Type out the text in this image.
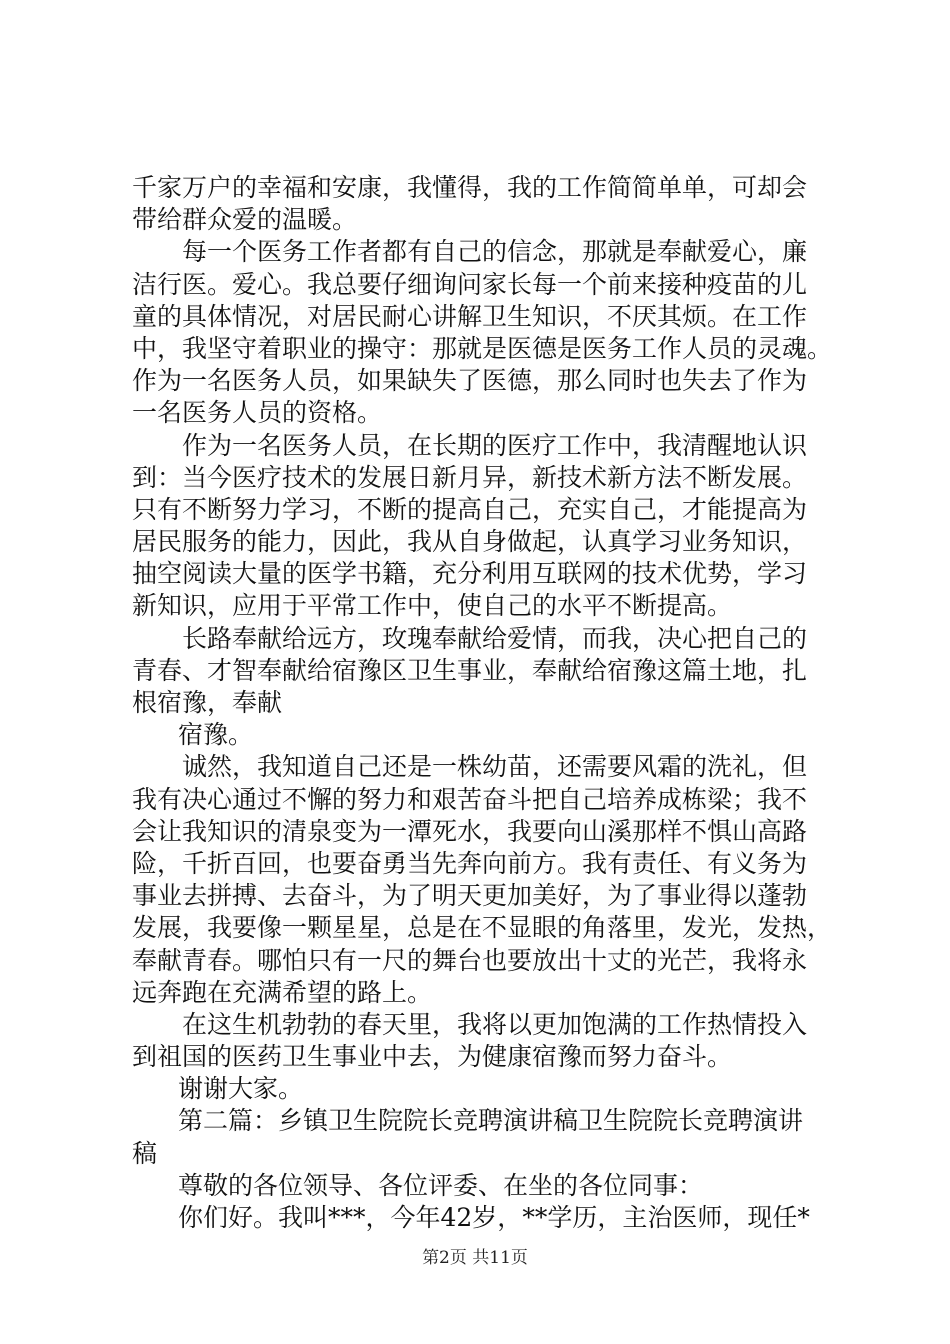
千家万户的幸福和安康，我懂得，我的工作简简单单，可却会
带给群众爱的温暖。
每一个医务工作者都有自己的信念，那就是奉献爱心，廉
洁行医。爱心。我总要仔细询问家长每一个前来接种疫苗的儿
童的具体情况，对居民耐心讲解卫生知识，不厌其烦。在工作
中，我坚守着职业的操守：那就是医德是医务工作人员的灵魂。
作为一名医务人员，如果缺失了医德，那么同时也失去了作为
一名医务人员的资格。
作为一名医务人员，在长期的医疗工作中，我清醒地认识
到：当今医疗技术的发展日新月异，新技术新方法不断发展。
只有不断努力学习，不断的提高自己，充实自己，才能提高为
居民服务的能力，因此，我从自身做起，认真学习业务知识，
抽空阅读大量的医学书籍，充分利用互联网的技术优势，学习
新知识，应用于平常工作中，使自己的水平不断提高。
长路奉献给远方，玫瑰奉献给爱情，而我，决心把自己的
青春、才智奉献给宿豫区卫生事业，奉献给宿豫这篇土地，扎
根宿豫，奉献
宿豫。
诚然，我知道自己还是一株幼苗，还需要风霜的洗礼，但
我有决心通过不懈的努力和艰苦奋斗把自己培养成栋梁；我不
会让我知识的清泉变为一潭死水，我要向山溪那样不惧山高路
险，千折百回，也要奋勇当先奔向前方。我有责任、有义务为
事业去拼搏、去奋斗，为了明天更加美好，为了事业得以蓬勃
发展，我要像一颗星星，总是在不显眼的角落里，发光，发热，
奉献青春。哪怕只有一尺的舞台也要放出十丈的光芒，我将永
远奔跑在充满希望的路上。
在这生机勃勃的春天里，我将以更加饱满的工作热情投入
到祖国的医药卫生事业中去，为健康宿豫而努力奋斗。
谢谢大家。
第二篇：乡镇卫生院院长竞聘演讲稿卫生院院长竞聘演讲
稿
尊敬的各位领导、各位评委、在坐的各位同事：
你们好。我叫***，今年42岁，**学历，主治医师，现任*
第2页 共11页
